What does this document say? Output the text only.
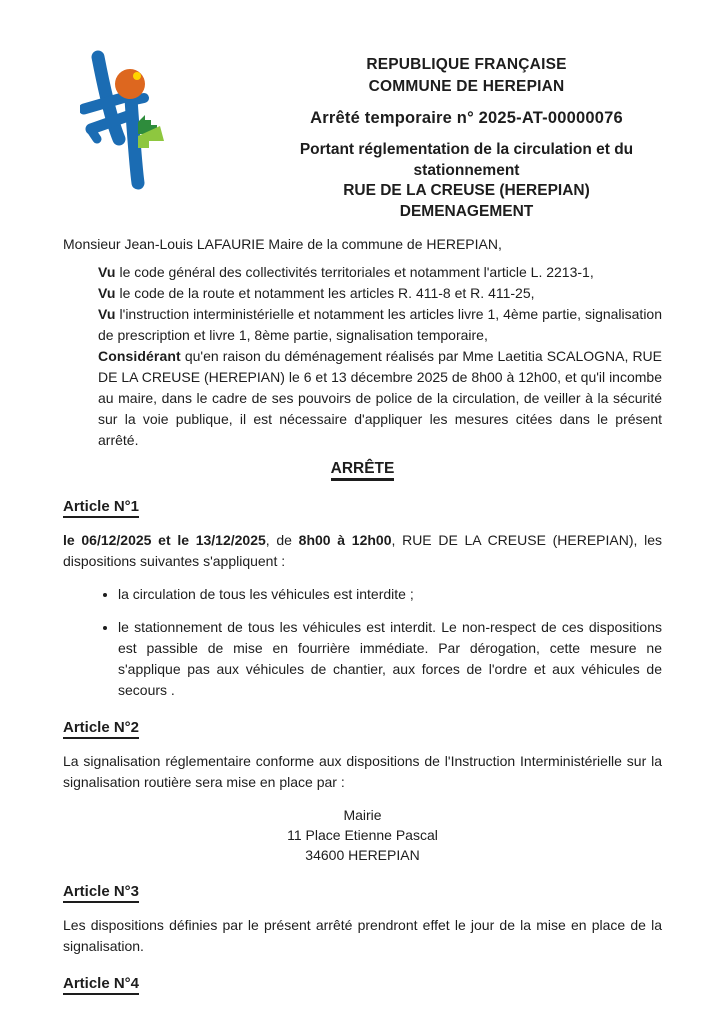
REPUBLIQUE FRANÇAISE
COMMUNE DE HEREPIAN
Arrêté temporaire n° 2025-AT-00000076
Portant réglementation de la circulation et du stationnement
RUE DE LA CREUSE (HEREPIAN)
DEMENAGEMENT

Monsieur Jean-Louis LAFAURIE Maire de la commune de HEREPIAN,

Vu le code général des collectivités territoriales et notamment l'article L. 2213-1,

Vu le code de la route et notamment les articles R. 411-8 et R. 411-25,

Vu l'instruction interministérielle et notamment les articles livre 1, 4ème partie, signalisation de prescription et livre 1, 8ème partie, signalisation temporaire,

Considérant qu'en raison du déménagement réalisés par Mme Laetitia SCALOGNA, RUE DE LA CREUSE (HEREPIAN) le 6 et 13 décembre 2025 de 8h00 à 12h00, et qu'il incombe au maire, dans le cadre de ses pouvoirs de police de la circulation, de veiller à la sécurité sur la voie publique, il est nécessaire d'appliquer les mesures citées dans le présent arrêté.

ARRÊTE

Article N°1

le 06/12/2025 et le 13/12/2025, de 8h00 à 12h00, RUE DE LA CREUSE (HEREPIAN), les dispositions suivantes s'appliquent :

• la circulation de tous les véhicules est interdite ;
• le stationnement de tous les véhicules est interdit. Le non-respect de ces dispositions est passible de mise en fourrière immédiate. Par dérogation, cette mesure ne s'applique pas aux véhicules de chantier, aux forces de l'ordre et aux véhicules de secours .
Article N°2

La signalisation réglementaire conforme aux dispositions de l'Instruction Interministérielle sur la signalisation routière sera mise en place par :

Mairie
11 Place Etienne Pascal
34600 HEREPIAN
Article N°3

Les dispositions définies par le présent arrêté prendront effet le jour de la mise en place de la signalisation.

Article N°4
